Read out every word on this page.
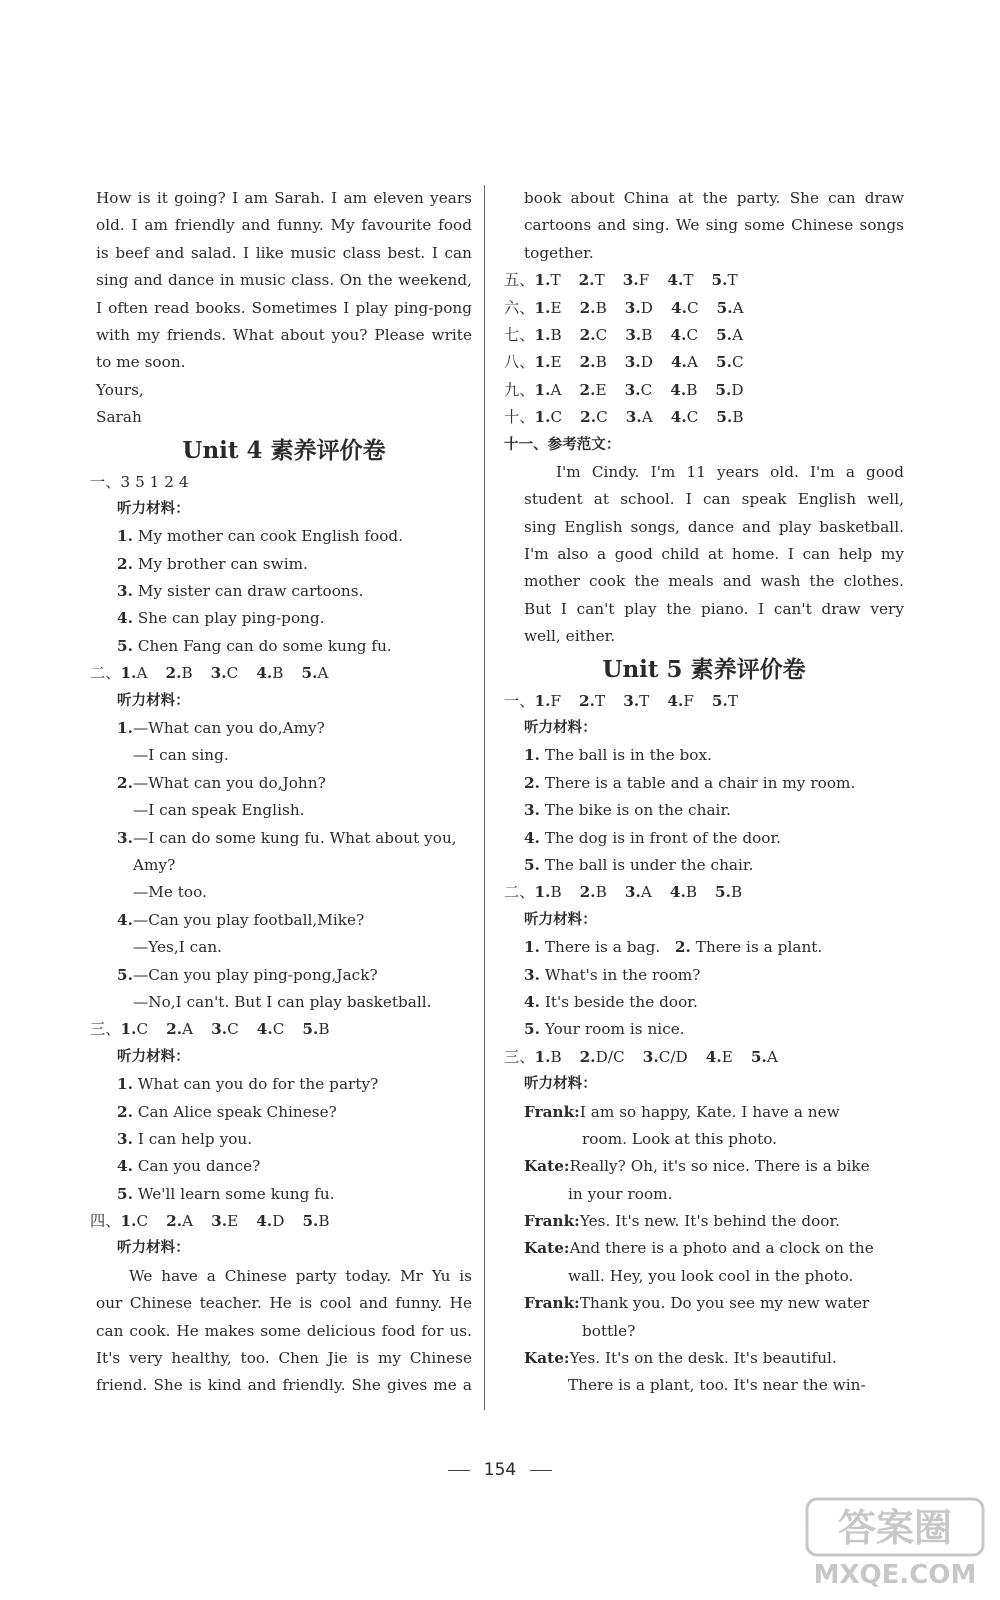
How is it going? I am Sarah. I am eleven years
old. I am friendly and funny. My favourite food
is beef and salad. I like music class best. I can
sing and dance in music class. On the weekend,
I often read books. Sometimes I play ping-pong
with my friends. What about you? Please write
to me soon.
Yours,
Sarah
Unit 4 素养评价卷
一、3 5 1 2 4
听力材料：
1. My mother can cook English food.
2. My brother can swim.
3. My sister can draw cartoons.
4. She can play ping-pong.
5. Chen Fang can do some kung fu.
二、1.A 2.B 3.C 4.B 5.A
听力材料：
1.—What can you do,Amy?
—I can sing.
2.—What can you do,John?
—I can speak English.
3.—I can do some kung fu. What about you,
Amy?
—Me too.
4.—Can you play football,Mike?
—Yes,I can.
5.—Can you play ping-pong,Jack?
—No,I can't. But I can play basketball.
三、1.C 2.A 3.C 4.C 5.B
听力材料：
1. What can you do for the party?
2. Can Alice speak Chinese?
3. I can help you.
4. Can you dance?
5. We'll learn some kung fu.
四、1.C 2.A 3.E 4.D 5.B
听力材料：
We have a Chinese party today. Mr Yu is
our Chinese teacher. He is cool and funny. He
can cook. He makes some delicious food for us.
It's very healthy, too. Chen Jie is my Chinese
friend. She is kind and friendly. She gives me a
book about China at the party. She can draw
cartoons and sing. We sing some Chinese songs
together.
五、1.T 2.T 3.F 4.T 5.T
六、1.E 2.B 3.D 4.C 5.A
七、1.B 2.C 3.B 4.C 5.A
八、1.E 2.B 3.D 4.A 5.C
九、1.A 2.E 3.C 4.B 5.D
十、1.C 2.C 3.A 4.C 5.B
十一、参考范文：
I'm Cindy. I'm 11 years old. I'm a good
student at school. I can speak English well,
sing English songs, dance and play basketball.
I'm also a good child at home. I can help my
mother cook the meals and wash the clothes.
But I can't play the piano. I can't draw very
well, either.
Unit 5 素养评价卷
一、1.F 2.T 3.T 4.F 5.T
听力材料：
1. The ball is in the box.
2. There is a table and a chair in my room.
3. The bike is on the chair.
4. The dog is in front of the door.
5. The ball is under the chair.
二、1.B 2.B 3.A 4.B 5.B
听力材料：
1. There is a bag. 2. There is a plant.
3. What's in the room?
4. It's beside the door.
5. Your room is nice.
三、1.B 2.D/C 3.C/D 4.E 5.A
听力材料：
Frank:I am so happy, Kate. I have a new
room. Look at this photo.
Kate:Really? Oh, it's so nice. There is a bike
in your room.
Frank:Yes. It's new. It's behind the door.
Kate:And there is a photo and a clock on the
wall. Hey, you look cool in the photo.
Frank:Thank you. Do you see my new water
bottle?
Kate:Yes. It's on the desk. It's beautiful.
There is a plant, too. It's near the win-
154
答案圈
MXQE.COM
